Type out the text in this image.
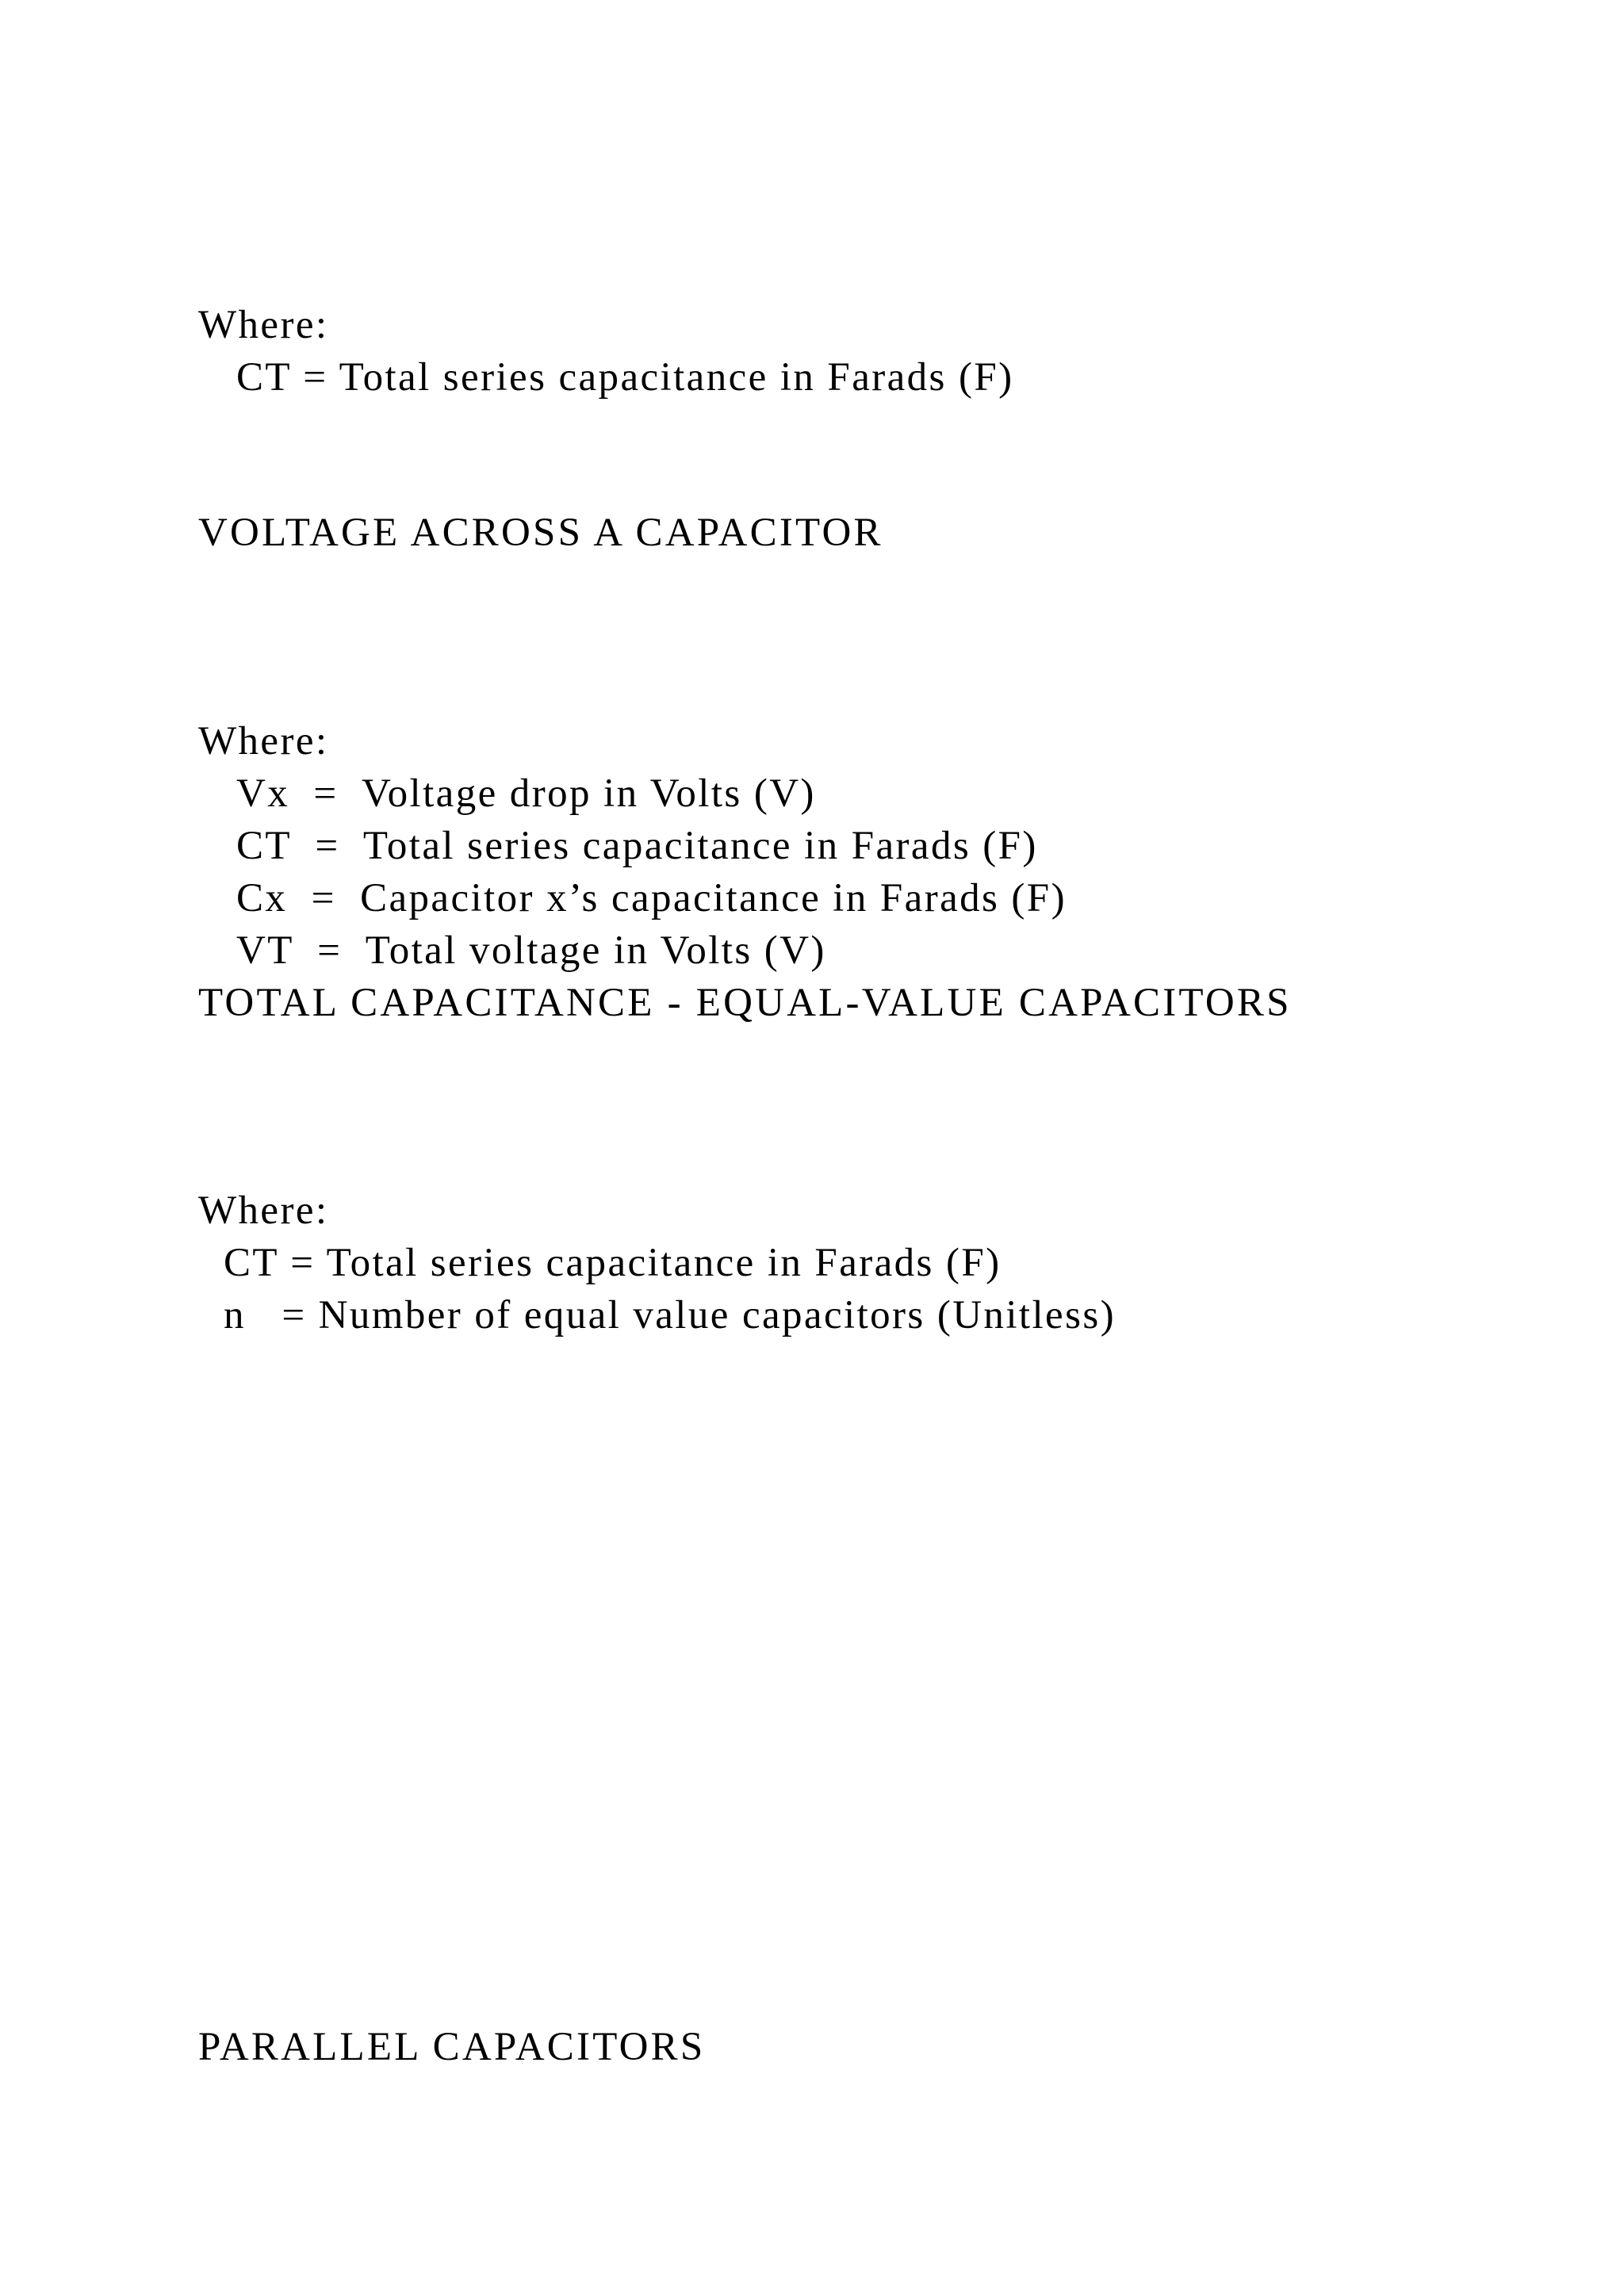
Where:
CT = Total series capacitance in Farads (F)
VOLTAGE ACROSS A CAPACITOR
Where:
Vx  =  Voltage drop in Volts (V)
CT  =  Total series capacitance in Farads (F)
Cx  =  Capacitor x’s capacitance in Farads (F)
VT  =  Total voltage in Volts (V)
TOTAL CAPACITANCE - EQUAL-VALUE CAPACITORS
Where:
CT = Total series capacitance in Farads (F)
n   = Number of equal value capacitors (Unitless)
PARALLEL CAPACITORS
